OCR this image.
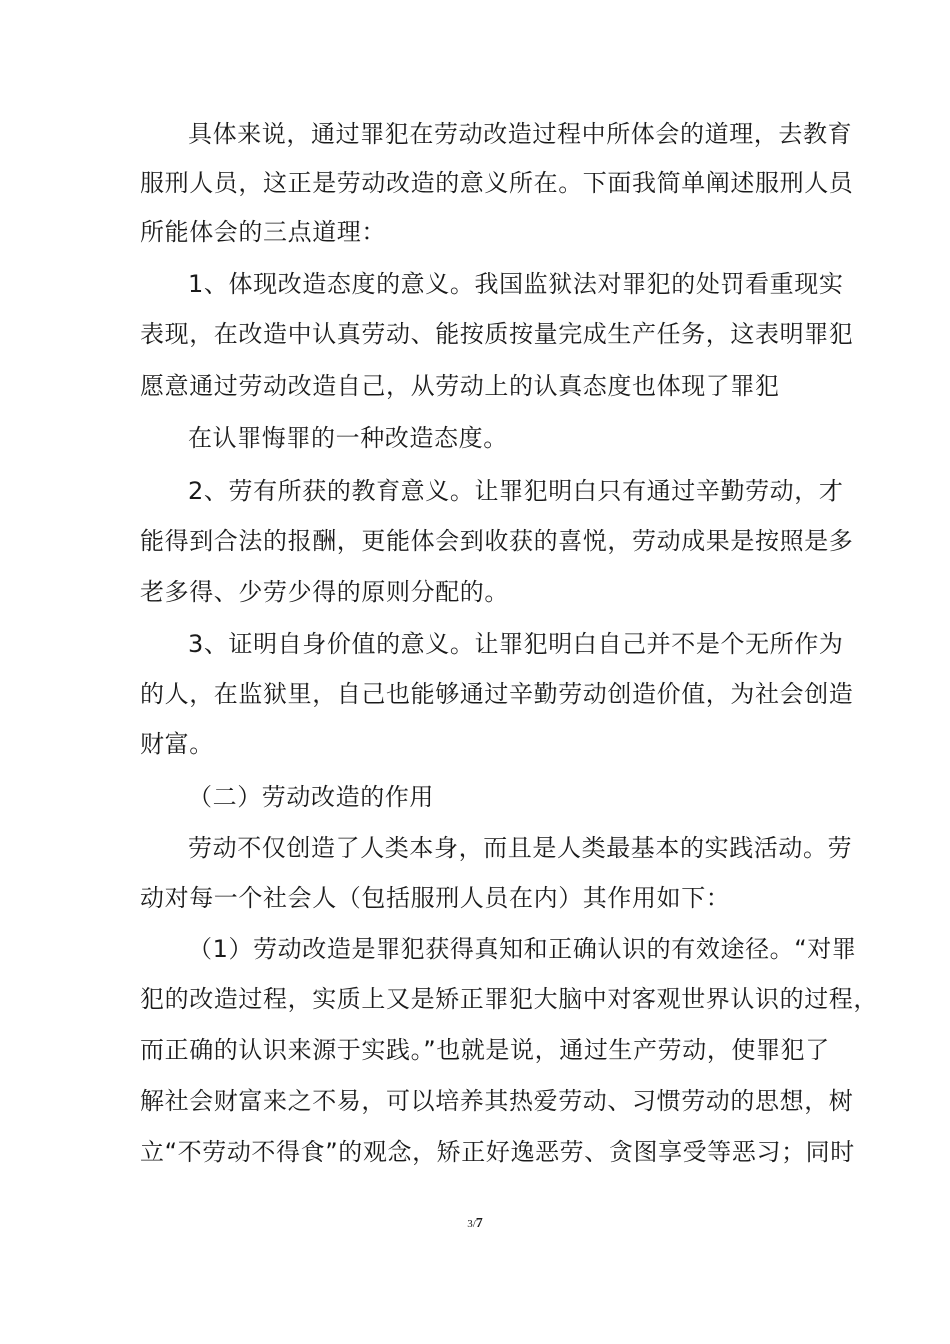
具体来说，通过罪犯在劳动改造过程中所体会的道理，去教育
服刑人员，这正是劳动改造的意义所在。下面我简单阐述服刑人员
所能体会的三点道理：
1、体现改造态度的意义。我国监狱法对罪犯的处罚看重现实
表现，在改造中认真劳动、能按质按量完成生产任务，这表明罪犯
愿意通过劳动改造自己，从劳动上的认真态度也体现了罪犯
在认罪悔罪的一种改造态度。
2、劳有所获的教育意义。让罪犯明白只有通过辛勤劳动，才
能得到合法的报酬，更能体会到收获的喜悦，劳动成果是按照是多
老多得、少劳少得的原则分配的。
3、证明自身价值的意义。让罪犯明白自己并不是个无所作为
的人，在监狱里，自己也能够通过辛勤劳动创造价值，为社会创造
财富。
（二）劳动改造的作用
劳动不仅创造了人类本身，而且是人类最基本的实践活动。劳
动对每一个社会人（包括服刑人员在内）其作用如下：
（1）劳动改造是罪犯获得真知和正确认识的有效途径。“对罪
犯的改造过程，实质上又是矫正罪犯大脑中对客观世界认识的过程，
而正确的认识来源于实践。”也就是说，通过生产劳动，使罪犯了
解社会财富来之不易，可以培养其热爱劳动、习惯劳动的思想，树
立“不劳动不得食”的观念，矫正好逸恶劳、贪图享受等恶习；同时
3/7
